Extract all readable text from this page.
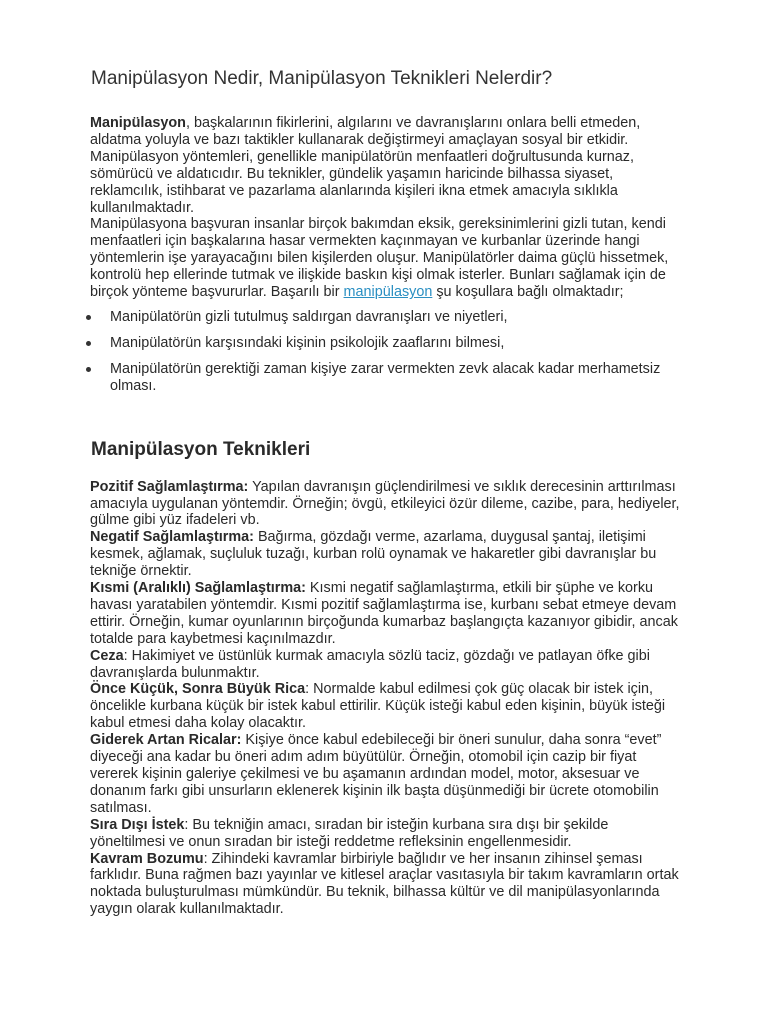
Manipülasyon Nedir, Manipülasyon Teknikleri Nelerdir?

Manipülasyon, başkalarının fikirlerini, algılarını ve davranışlarını onlara belli etmeden, aldatma yoluyla ve bazı taktikler kullanarak değiştirmeyi amaçlayan sosyal bir etkidir. Manipülasyon yöntemleri, genellikle manipülatörün menfaatleri doğrultusunda kurnaz, sömürücü ve aldatıcıdır. Bu teknikler, gündelik yaşamın haricinde bilhassa siyaset, reklamcılık, istihbarat ve pazarlama alanlarında kişileri ikna etmek amacıyla sıklıkla kullanılmaktadır.

Manipülasyona başvuran insanlar birçok bakımdan eksik, gereksinimlerini gizli tutan, kendi menfaatleri için başkalarına hasar vermekten kaçınmayan ve kurbanlar üzerinde hangi yöntemlerin işe yarayacağını bilen kişilerden oluşur. Manipülatörler daima güçlü hissetmek, kontrolü hep ellerinde tutmak ve ilişkide baskın kişi olmak isterler. Bunları sağlamak için de birçok yönteme başvururlar. Başarılı bir manipülasyon şu koşullara bağlı olmaktadır;

Manipülatörün gizli tutulmuş saldırgan davranışları ve niyetleri,
Manipülatörün karşısındaki kişinin psikolojik zaaflarını bilmesi,
Manipülatörün gerektiği zaman kişiye zarar vermekten zevk alacak kadar merhametsiz olması.
Manipülasyon Teknikleri

Pozitif Sağlamlaştırma: Yapılan davranışın güçlendirilmesi ve sıklık derecesinin arttırılması amacıyla uygulanan yöntemdir. Örneğin; övgü, etkileyici özür dileme, cazibe, para, hediyeler, gülme gibi yüz ifadeleri vb.

Negatif Sağlamlaştırma: Bağırma, gözdağı verme, azarlama, duygusal şantaj, iletişimi kesmek, ağlamak, suçluluk tuzağı, kurban rolü oynamak ve hakaretler gibi davranışlar bu tekniğe örnektir.

Kısmi (Aralıklı) Sağlamlaştırma: Kısmi negatif sağlamlaştırma, etkili bir şüphe ve korku havası yaratabilen yöntemdir. Kısmi pozitif sağlamlaştırma ise, kurbanı sebat etmeye devam ettirir. Örneğin, kumar oyunlarının birçoğunda kumarbaz başlangıçta kazanıyor gibidir, ancak totalde para kaybetmesi kaçınılmazdır.

Ceza: Hakimiyet ve üstünlük kurmak amacıyla sözlü taciz, gözdağı ve patlayan öfke gibi davranışlarda bulunmaktır.

Önce Küçük, Sonra Büyük Rica: Normalde kabul edilmesi çok güç olacak bir istek için, öncelikle kurbana küçük bir istek kabul ettirilir. Küçük isteği kabul eden kişinin, büyük isteği kabul etmesi daha kolay olacaktır.

Giderek Artan Ricalar: Kişiye önce kabul edebileceği bir öneri sunulur, daha sonra “evet” diyeceği ana kadar bu öneri adım adım büyütülür. Örneğin, otomobil için cazip bir fiyat vererek kişinin galeriye çekilmesi ve bu aşamanın ardından model, motor, aksesuar ve donanım farkı gibi unsurların eklenerek kişinin ilk başta düşünmediği bir ücrete otomobilin satılması.

Sıra Dışı İstek: Bu tekniğin amacı, sıradan bir isteğin kurbana sıra dışı bir şekilde yöneltilmesi ve onun sıradan bir isteği reddetme refleksinin engellenmesidir.

Kavram Bozumu: Zihindeki kavramlar birbiriyle bağlıdır ve her insanın zihinsel şeması farklıdır. Buna rağmen bazı yayınlar ve kitlesel araçlar vasıtasıyla bir takım kavramların ortak noktada buluşturulması mümkündür. Bu teknik, bilhassa kültür ve dil manipülasyonlarında yaygın olarak kullanılmaktadır.
